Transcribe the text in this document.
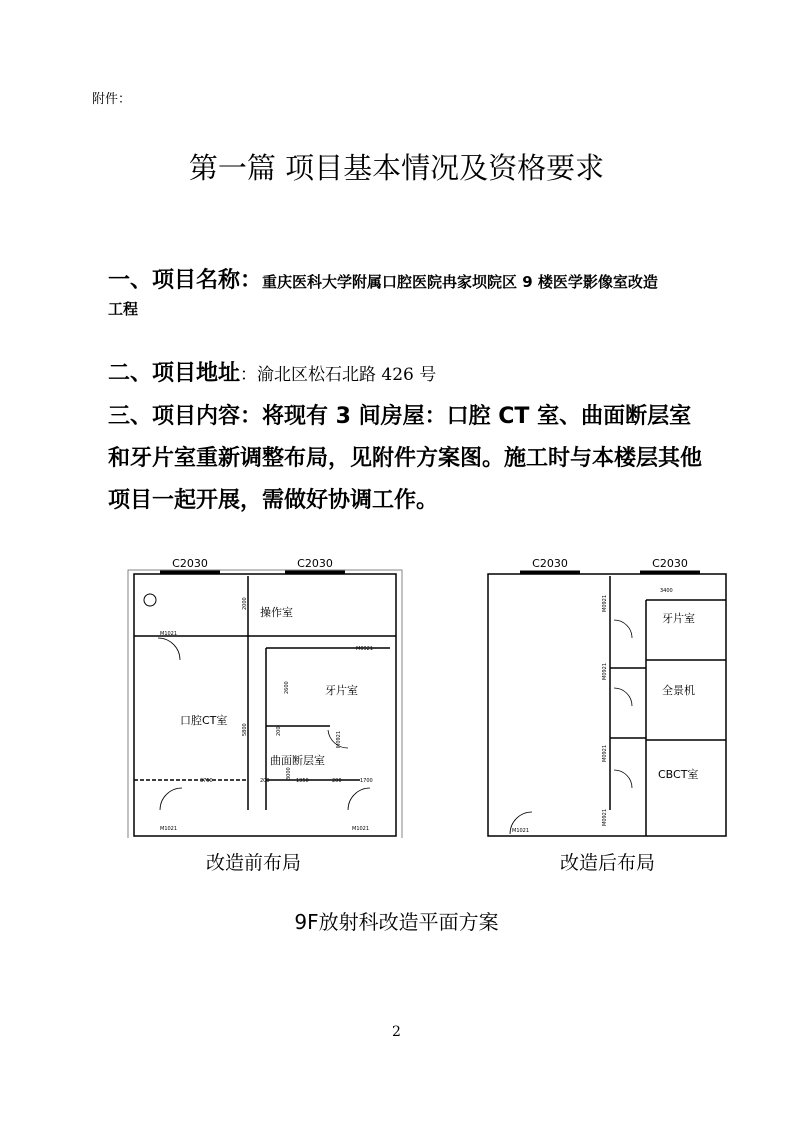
附件：
第一篇 项目基本情况及资格要求
一、项目名称：重庆医科大学附属口腔医院冉家坝院区 9 楼医学影像室改造
工程
二、项目地址：渝北区松石北路 426 号
三、项目内容：将现有 3 间房屋：口腔 CT 室、曲面断层室和牙片室重新调整布局，见附件方案图。施工时与本楼层其他项目一起开展，需做好协调工作。
C2030	C2030
操作室
口腔CT室
牙片室
曲面断层室
2000
2600
5800
3000
3750	200	1950	200	1700
200
M1021
M0921
M0921
M1021	M1021
C2030	C2030
牙片室
全景机
CBCT室
3400
M0921
M0921
M0921
M0921
M1021
改造前布局	改造后布局
9F放射科改造平面方案
2
